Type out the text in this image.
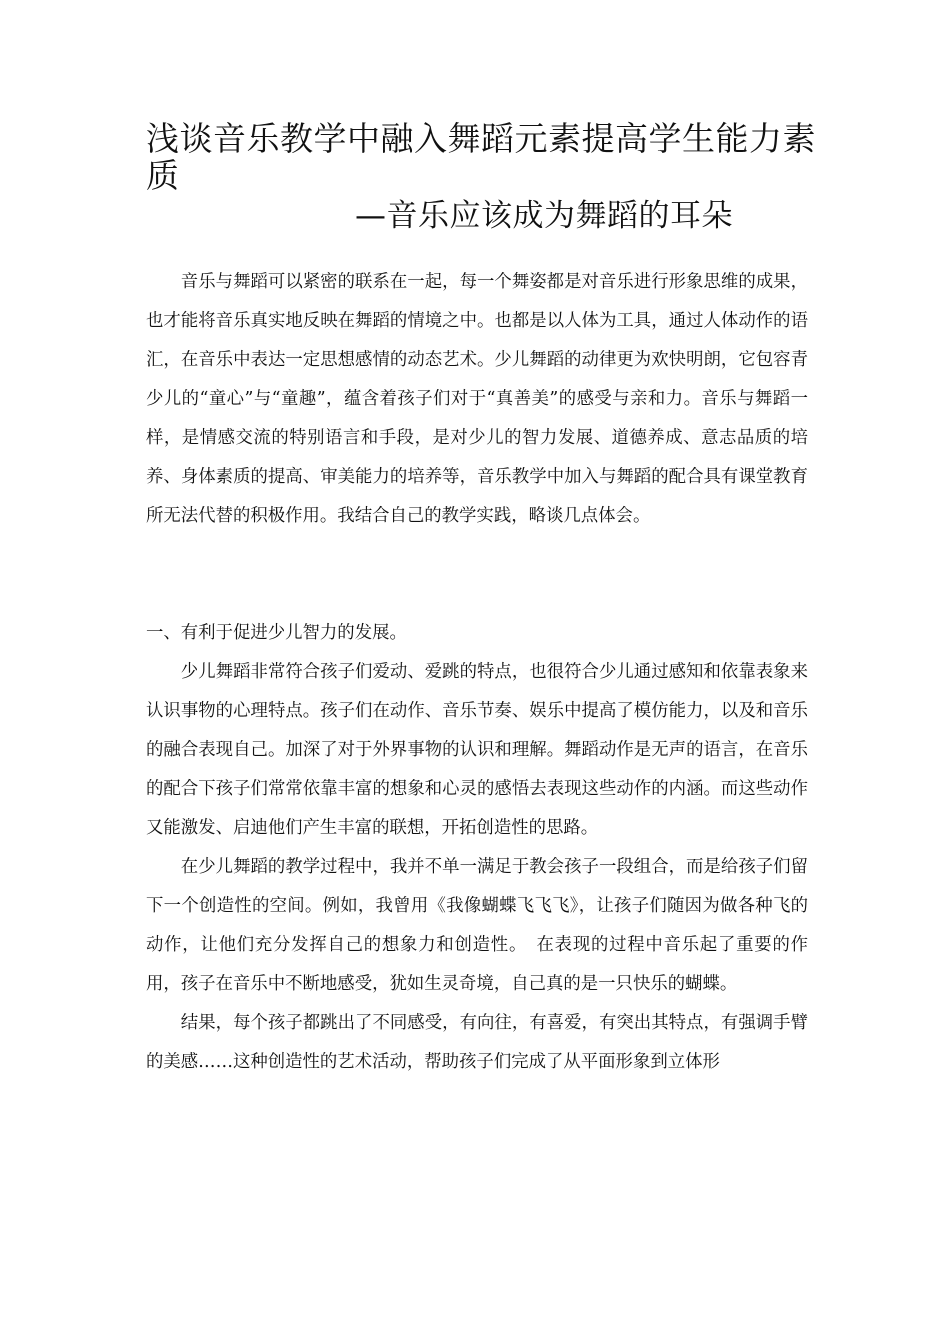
浅谈音乐教学中融入舞蹈元素提高学生能力素质
—音乐应该成为舞蹈的耳朵

音乐与舞蹈可以紧密的联系在一起，每一个舞姿都是对音乐进行形象思维的成果，也才能将音乐真实地反映在舞蹈的情境之中。也都是以人体为工具，通过人体动作的语汇，在音乐中表达一定思想感情的动态艺术。少儿舞蹈的动律更为欢快明朗，它包容青少儿的“童心”与“童趣”，蕴含着孩子们对于“真善美”的感受与亲和力。音乐与舞蹈一样，是情感交流的特别语言和手段，是对少儿的智力发展、道德养成、意志品质的培养、身体素质的提高、审美能力的培养等，音乐教学中加入与舞蹈的配合具有课堂教育所无法代替的积极作用。我结合自己的教学实践，略谈几点体会。

一、有利于促进少儿智力的发展。

少儿舞蹈非常符合孩子们爱动、爱跳的特点，也很符合少儿通过感知和依靠表象来认识事物的心理特点。孩子们在动作、音乐节奏、娱乐中提高了模仿能力，以及和音乐的融合表现自己。加深了对于外界事物的认识和理解。舞蹈动作是无声的语言，在音乐的配合下孩子们常常依靠丰富的想象和心灵的感悟去表现这些动作的内涵。而这些动作又能激发、启迪他们产生丰富的联想，开拓创造性的思路。

在少儿舞蹈的教学过程中，我并不单一满足于教会孩子一段组合，而是给孩子们留下一个创造性的空间。例如，我曾用《我像蝴蝶飞飞飞》，让孩子们随因为做各种飞的动作，让他们充分发挥自己的想象力和创造性。　在表现的过程中音乐起了重要的作用，孩子在音乐中不断地感受，犹如生灵奇境，自己真的是一只快乐的蝴蝶。

结果，每个孩子都跳出了不同感受，有向往，有喜爱，有突出其特点，有强调手臂的美感……这种创造性的艺术活动，帮助孩子们完成了从平面形象到立体形
